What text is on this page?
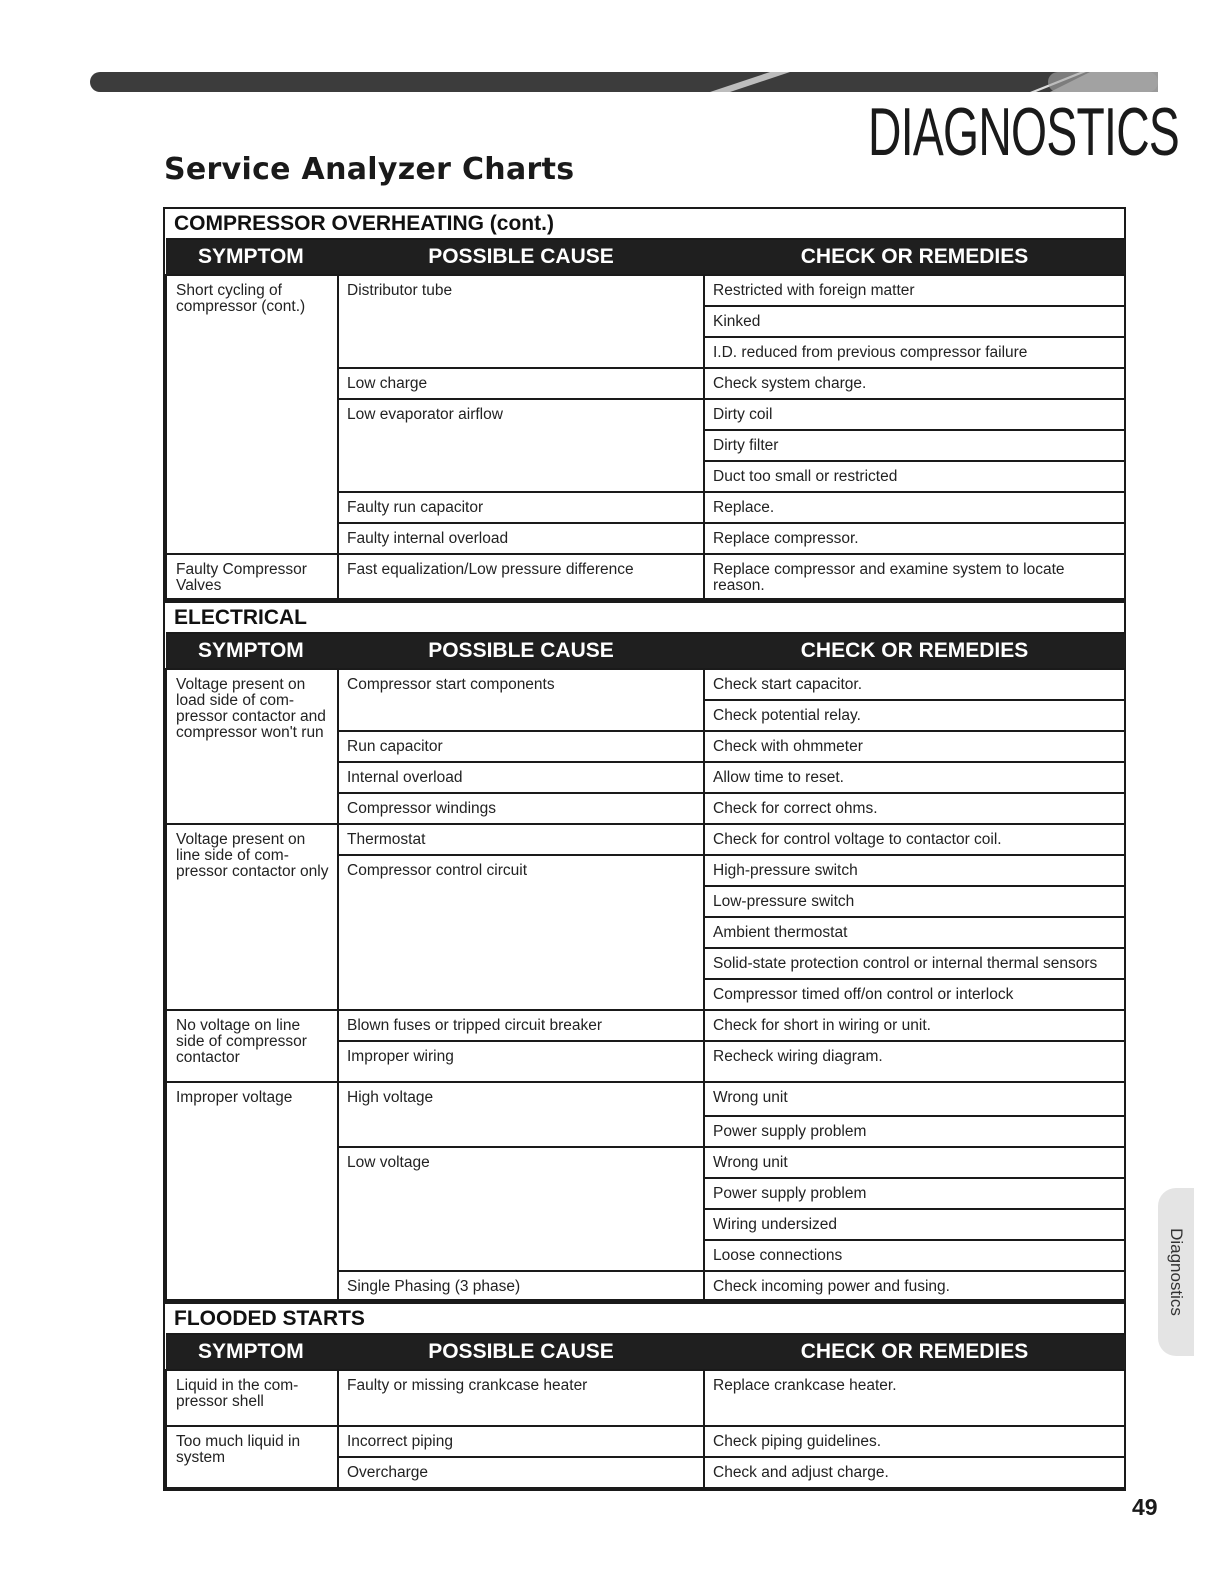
DIAGNOSTICS
Service Analyzer Charts
COMPRESSOR OVERHEATING (cont.)		
SYMPTOM	POSSIBLE CAUSE	CHECK OR REMEDIES
Short cycling of compressor (cont.)	Distributor tube	Restricted with foreign matter
		Kinked
		I.D. reduced from previous compressor failure
	Low charge	Check system charge.
	Low evaporator airflow	Dirty coil
		Dirty filter
		Duct too small or restricted
	Faulty run capacitor	Replace.
	Faulty internal overload	Replace compressor.
Faulty Compressor Valves	Fast equalization/Low pressure difference	Replace compressor and examine system to locate reason.
ELECTRICAL		
SYMPTOM	POSSIBLE CAUSE	CHECK OR REMEDIES
Voltage present on load side of com-pressor contactor and compressor won't run	Compressor start components	Check start capacitor.
		Check potential relay.
	Run capacitor	Check with ohmmeter
	Internal overload	Allow time to reset.
	Compressor windings	Check for correct ohms.
Voltage present on line side of com-pressor contactor only	Thermostat	Check for control voltage to contactor coil.
	Compressor control circuit	High-pressure switch
		Low-pressure switch
		Ambient thermostat
		Solid-state protection control or internal thermal sensors
		Compressor timed off/on control or interlock
No voltage on line side of compressor contactor	Blown fuses or tripped circuit breaker	Check for short in wiring or unit.
	Improper wiring	Recheck wiring diagram.
Improper voltage	High voltage	Wrong unit
		Power supply problem
	Low voltage	Wrong unit
		Power supply problem
		Wiring undersized
		Loose connections
	Single Phasing (3 phase)	Check incoming power and fusing.
FLOODED STARTS		
SYMPTOM	POSSIBLE CAUSE	CHECK OR REMEDIES
Liquid in the com-pressor shell	Faulty or missing crankcase heater	Replace crankcase heater.
Too much liquid in system	Incorrect piping	Check piping guidelines.
	Overcharge	Check and adjust charge.
Diagnostics
49
